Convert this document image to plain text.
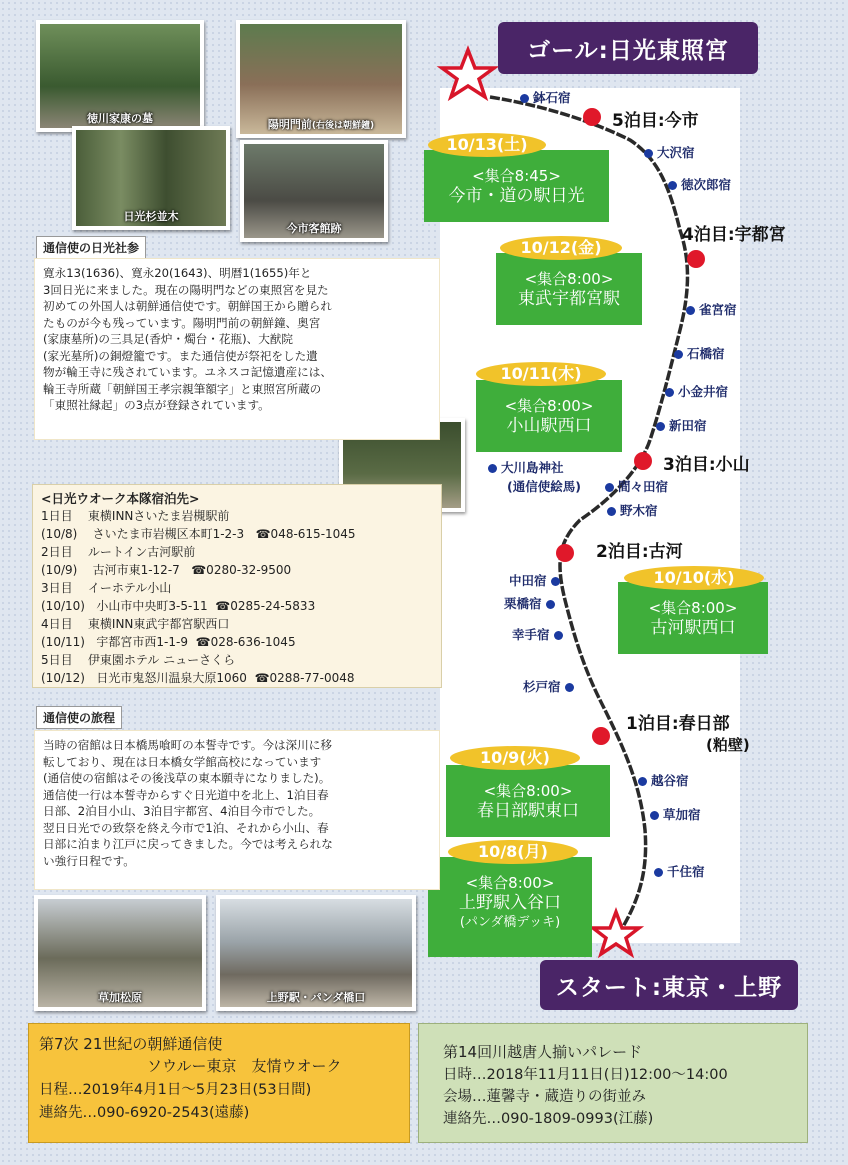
ゴール:日光東照宮
スタート:東京・上野
5泊目:今市
4泊目:宇都宮
3泊目:小山
2泊目:古河
1泊目:春日部
(粕壁)
鉢石宿
大沢宿
徳次郎宿
雀宮宿
石橋宿
小金井宿
新田宿
大川島神社
(通信使絵馬)	間々田宿
野木宿
中田宿
栗橋宿
幸手宿
杉戸宿
越谷宿
草加宿
千住宿
<集合8:45>
今市・道の駅日光
10/13(土)
<集合8:00>
東武宇都宮駅
10/12(金)
<集合8:00>
小山駅西口
10/11(木)
<集合8:00>
古河駅西口
10/10(水)
<集合8:00>
春日部駅東口
10/9(火)
<集合8:00>
上野駅入谷口
(パンダ橋デッキ)
10/8(月)
徳川家康の墓	陽明門前(右後は朝鮮鐘)
日光杉並木
今市客館跡
草加松原	上野駅・パンダ橋口
通信使の日光社参
寛永13(1636)、寛永20(1643)、明暦1(1655)年と
3回日光に来ました。現在の陽明門などの東照宮を見た
初めての外国人は朝鮮通信使です。朝鮮国王から贈られ
たものが今も残っています。陽明門前の朝鮮鐘、奥宮
(家康墓所)の三具足(香炉・燭台・花瓶)、大猷院
(家光墓所)の銅燈籠です。また通信使が祭祀をした遺
物が輪王寺に残されています。ユネスコ記憶遺産には、
輪王寺所蔵「朝鮮国王孝宗親筆額字」と東照宮所蔵の
「東照社縁起」の3点が登録されています。
<日光ウオーク本隊宿泊先>
1日目 東横INNさいたま岩槻駅前
(10/8) さいたま市岩槻区本町1-2-3 ☎048-615-1045
2日目 ルートイン古河駅前
(10/9) 古河市東1-12-7 ☎0280-32-9500
3日目 イーホテル小山
(10/10) 小山市中央町3-5-11 ☎0285-24-5833
4日目 東横INN東武宇都宮駅西口
(10/11) 宇都宮市西1-1-9 ☎028-636-1045
5日目 伊東園ホテル ニューさくら
(10/12) 日光市鬼怒川温泉大原1060 ☎0288-77-0048
通信使の旅程
当時の宿館は日本橋馬喰町の本誓寺です。今は深川に移
転しており、現在は日本橋女学館高校になっています
(通信使の宿館はその後浅草の東本願寺になりました)。
通信使一行は本誓寺からすぐ日光道中を北上、1泊目春
日部、2泊目小山、3泊目宇都宮、4泊目今市でした。
翌日日光での致祭を終え今市で1泊、それから小山、春
日部に泊まり江戸に戻ってきました。今では考えられな
い強行日程です。
第7次 21世紀の朝鮮通信使
ソウルー東京　友情ウオーク
日程…2019年4月1日～5月23日(53日間)
連絡先…090-6920-2543(遠藤)
第14回川越唐人揃いパレード
日時…2018年11月11日(日)12:00～14:00
会場…蓮馨寺・蔵造りの街並み
連絡先…090-1809-0993(江藤)
